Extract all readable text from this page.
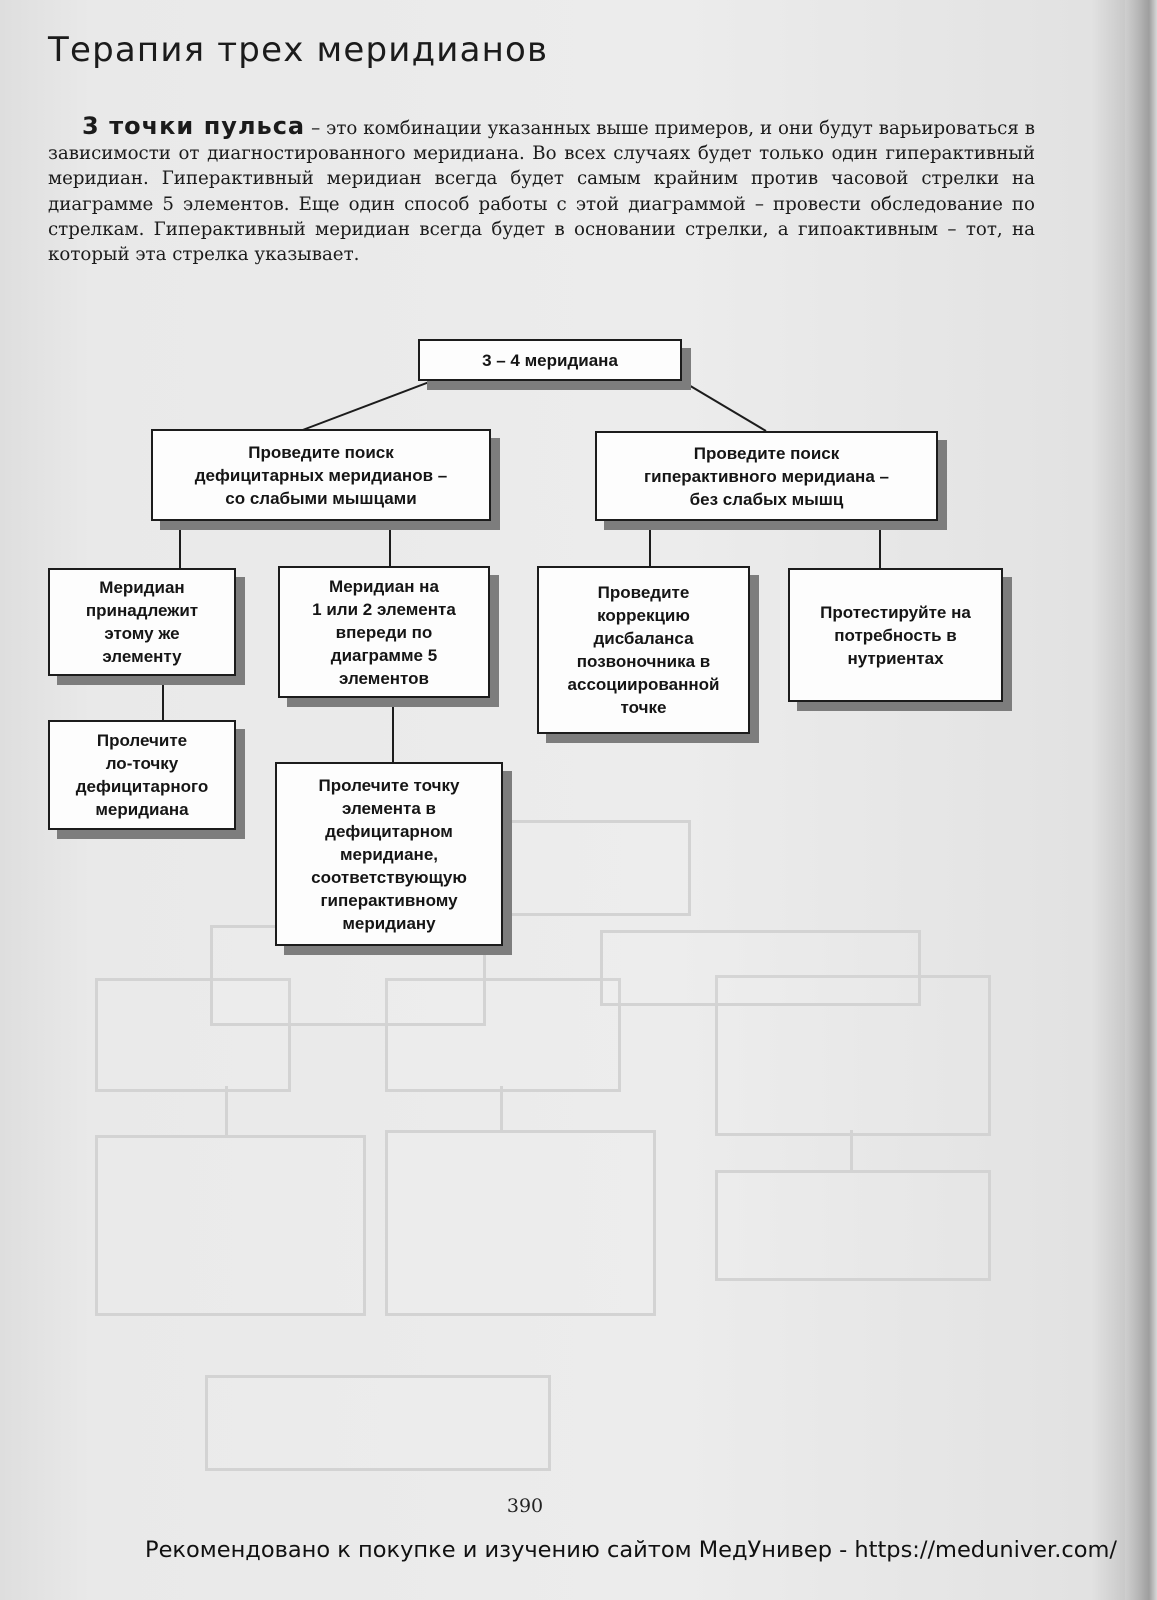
Терапия трех меридианов
3 точки пульса – это комбинации указанных выше примеров, и они будут варьироваться в зависимости от диагностированного меридиана. Во всех случаях будет только один гиперактивный меридиан. Гиперактивный меридиан всегда будет самым крайним против часовой стрелки на диаграмме 5 элементов. Еще один способ работы с этой диаграммой – провести обследование по стрелкам. Гиперактивный меридиан всегда будет в основании стрелки, а гипоактивным – тот, на который эта стрелка указывает.
3 – 4 меридиана
Проведите поиск
дефицитарных меридианов –
со слабыми мышцами
Проведите поиск
гиперактивного меридиана –
без слабых мышц
Меридиан
принадлежит
этому же
элементу
Меридиан на
1 или 2 элемента
впереди по
диаграмме 5
элементов
Проведите
коррекцию
дисбаланса
позвоночника в
ассоциированной
точке
Протестируйте на
потребность в
нутриентах
Пролечите
ло-точку
дефицитарного
меридиана
Пролечите точку
элемента в
дефицитарном
меридиане,
соответствующую
гиперактивному
меридиану
390
Рекомендовано к покупке и изучению сайтом МедУнивер - https://meduniver.com/
